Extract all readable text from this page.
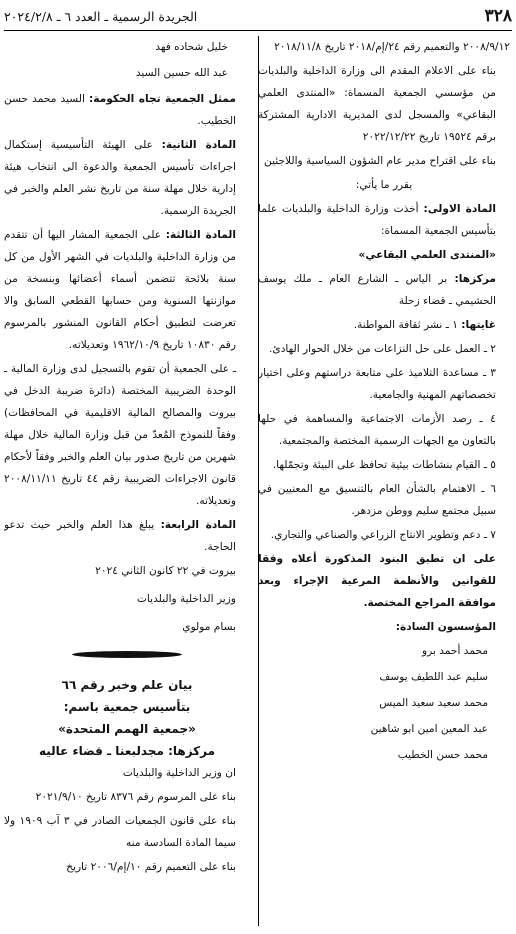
٣٢٨
الجريدة الرسمية ـ العدد ٦ ـ ٢٠٢٤/٢/٨

٢٠٠٨/٩/١٢ والتعميم رقم ٢٤/إم/٢٠١٨ تاريخ ٢٠١٨/١١/٨

بناء على الاعلام المقدم الى وزارة الداخلية والبلديات من مؤسسي الجمعية المسماة: «المنتدى العلمي البقاعي» والمسجل لدى المديرية الادارية المشتركة برقم ١٩٥٢٤ تاريخ ٢٠٢٢/١٢/٢٢

بناء على اقتراح مدير عام الشؤون السياسية واللاجئين

يقرر ما يأتي:

المادة الاولى: أخذت وزارة الداخلية والبلديات علما بتأسيس الجمعية المسماة:

«المنتدى العلمي البقاعي»

مركزها: بر الياس ـ الشارع العام ـ ملك يوسف الحشيمي ـ قضاء زحلة

غايتها: ١ ـ نشر ثقافة المواطنة.

٢ ـ العمل على حل النزاعات من خلال الحوار الهادئ.

٣ ـ مساعدة التلاميذ على متابعة دراستهم وعلى اختيار تخصصاتهم المهنية والجامعية.

٤ ـ رصد الأزمات الاجتماعية والمساهمة في حلها بالتعاون مع الجهات الرسمية المختصة والمجتمعية.

٥ ـ القيام بنشاطات بيئية تحافظ على البيئة وتجمّلها.

٦ ـ الاهتمام بالشأن العام بالتنسيق مع المعنيين في سبيل مجتمع سليم ووطن مزدهر.

٧ ـ دعم وتطوير الانتاج الزراعي والصناعي والتجاري.

على ان تطبق البنود المذكورة أعلاه وفقا للقوانين والأنظمة المرعية الإجراء وبعد موافقة المراجع المختصة.

المؤسسون السادة:

محمد أحمد برو

سليم عبد اللطيف يوسف

محمد سعيد سعيد الميس

عبد المعين امين ابو شاهين

محمد حسن الخطيب

خليل شحاده فهد

عبد الله حسين السيد

ممثل الجمعية تجاه الحكومة: السيد محمد حسن الخطيب.

المادة الثانية: على الهيئة التأسيسية إستكمال اجراءات تأسيس الجمعية والدعوة الى انتخاب هيئة إدارية خلال مهلة سنة من تاريخ نشر العلم والخبر في الجريدة الرسمية.

المادة الثالثة: على الجمعية المشار اليها أن تتقدم من وزارة الداخلية والبلديات في الشهر الأول من كل سنة بلائحة تتضمن أسماء أعضائها وبنسخة من موازنتها السنوية ومن حسابها القطعي السابق والا تعرضت لتطبيق أحكام القانون المنشور بالمرسوم رقم ١٠٨٣٠ تاريخ ١٩٦٢/١٠/٩ وتعديلاته.

ـ على الجمعية أن تقوم بالتسجيل لدى وزارة المالية ـ الوحدة الضريبية المختصة (دائرة ضريبة الدخل في بيروت والمصالح المالية الاقليمية في المحافظات) وفقاً للنموذج المُعدّ من قبل وزارة المالية خلال مهلة شهرين من تاريخ صدور بيان العلم والخبر وفقاً لأحكام قانون الاجراءات الضريبية رقم ٤٤ تاريخ ٢٠٠٨/١١/١١ وتعديلاته.

المادة الرابعة: يبلغ هذا العلم والخبر حيث تدعو الحاجة.

بيروت في ٢٢ كانون الثاني ٢٠٢٤

وزير الداخلية والبلديات

بسام مولوي

بيان علم وخبر رقم ٦٦

بتأسيس جمعية باسم:

«جمعية الهمم المتحدة»

مركزها: مجدلبعنا ـ قضاء عاليه

ان وزير الداخلية والبلديات

بناء على المرسوم رقم ٨٣٧٦ تاريخ ٢٠٢١/٩/١٠

بناء على قانون الجمعيات الصادر في ٣ آب ١٩٠٩ ولا سيما المادة السادسة منه

بناء على التعميم رقم ١٠/إم/٢٠٠٦ تاريخ
